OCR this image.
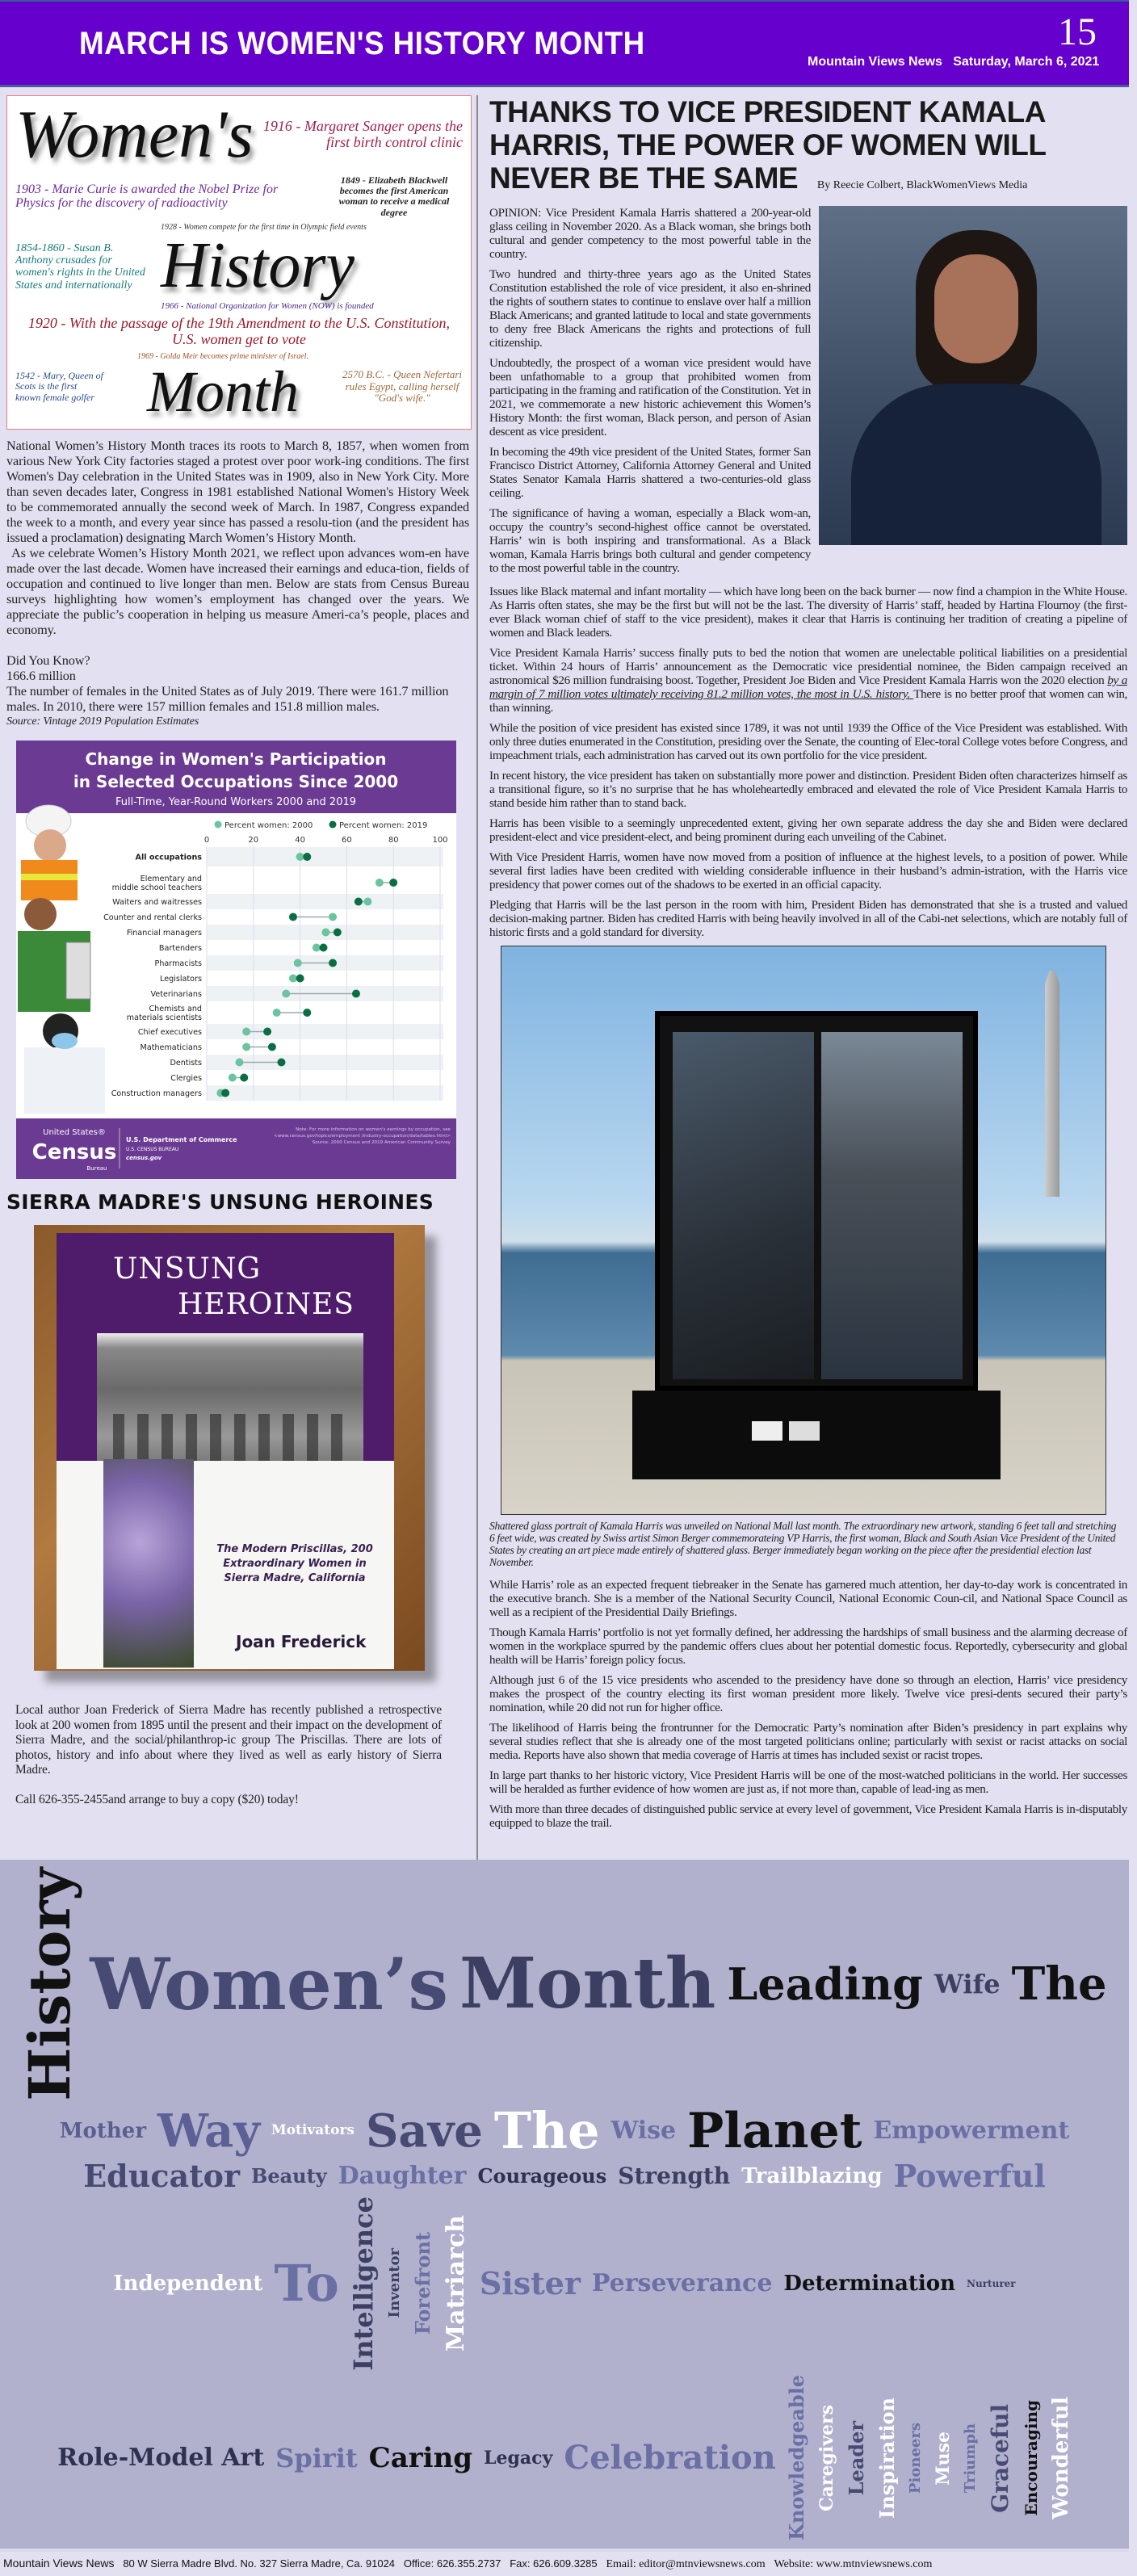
MARCH IS WOMEN'S HISTORY MONTH	15
Mountain Views News Saturday, March 6, 2021
Women's 1916 - Margaret Sanger opens the first birth control clinic
1903 - Marie Curie is awarded the Nobel Prize for Physics for the discovery of radioactivity
1849 - Elizabeth Blackwell becomes the first American woman to receive a medical degree
1854-1860 - Susan B. Anthony crusades for women's rights in the United States and internationally
1928 - Women compete for the first time in Olympic field events
History
1966 - National Organization for Women (NOW) is founded
1920 - With the passage of the 19th Amendment to the U.S. Constitution, U.S. women get to vote
1542 - Mary, Queen of Scots is the first known female golfer
1969 - Golda Meir becomes prime minister of Israel.
Month	2570 B.C. - Queen Nefertari rules Egypt, calling herself "God's wife."

National Women’s History Month traces its roots to March 8, 1857, when women from various New York City factories staged a protest over poor work-ing conditions. The first Women's Day celebration in the United States was in 1909, also in New York City. More than seven decades later, Congress in 1981 established National Women's History Week to be commemorated annually the second week of March. In 1987, Congress expanded the week to a month, and every year since has passed a resolu-tion (and the president has issued a proclamation) designating March Women’s History Month.

As we celebrate Women’s History Month 2021, we reflect upon advances wom-en have made over the last decade. Women have increased their earnings and educa-tion, fields of occupation and continued to live longer than men. Below are stats from Census Bureau surveys highlighting how women’s employment has changed over the years. We appreciate the public’s cooperation in helping us measure Ameri-ca’s people, places and economy.

Did You Know?

166.6 million

The number of females in the United States as of July 2019. There were 161.7 million males. In 2010, there were 157 million females and 151.8 million males.

Source: Vintage 2019 Population Estimates

Change in Women's Participation
in Selected Occupations Since 2000
Full-Time, Year-Round Workers 2000 and 2019
Percent women: 2000	Percent women: 2019
0	20	40	60	80	100
All occupations
Elementary and
middle school teachers
Waiters and waitresses
Counter and rental clerks
Financial managers
Bartenders
Pharmacists
Legislators
Veterinarians
Chemists and
materials scientists
Chief executives
Mathematicians
Dentists
Clergies
Construction managers
United States®
Census
Bureau
U.S. Department of Commerce
U.S. CENSUS BUREAU
census.gov
Note: For more information on women's earnings by occupation, see <www.census.gov/topics/employment /industry-occupation/data/tables.html>
Source: 2000 Census and 2019 American Community Survey
SIERRA MADRE'S UNSUNG HEROINES
UNSUNG
HEROINES
The Modern Priscillas, 200 Extraordinary Women in Sierra Madre, California
Joan Frederick

Local author Joan Frederick of Sierra Madre has recently published a retrospective look at 200 women from 1895 until the present and their impact on the development of Sierra Madre, and the social/philanthrop-ic group The Priscillas. There are lots of photos, history and info about where they lived as well as early history of Sierra Madre.

Call 626-355-2455and arrange to buy a copy ($20) today!

THANKS TO VICE PRESIDENT KAMALA HARRIS, THE POWER OF WOMEN WILL NEVER BE THE SAME By Reecie Colbert, BlackWomenViews Media

OPINION: Vice President Kamala Harris shattered a 200-year-old glass ceiling in November 2020. As a Black woman, she brings both cultural and gender competency to the most powerful table in the country.

Two hundred and thirty-three years ago as the United States Constitution established the role of vice president, it also en-shrined the rights of southern states to continue to enslave over half a million Black Americans; and granted latitude to local and state governments to deny free Black Americans the rights and protections of full citizenship.

Undoubtedly, the prospect of a woman vice president would have been unfathomable to a group that prohibited women from participating in the framing and ratification of the Constitution. Yet in 2021, we commemorate a new historic achievement this Women’s History Month: the first woman, Black person, and person of Asian descent as vice president.

In becoming the 49th vice president of the United States, former San Francisco District Attorney, California Attorney General and United States Senator Kamala Harris shattered a two-centuries-old glass ceiling.

The significance of having a woman, especially a Black wom-an, occupy the country’s second-highest office cannot be overstated. Harris’ win is both inspiring and transformational. As a Black woman, Kamala Harris brings both cultural and gender competency to the most powerful table in the country.

Issues like Black maternal and infant mortality — which have long been on the back burner — now find a champion in the White House. As Harris often states, she may be the first but will not be the last. The diversity of Harris’ staff, headed by Hartina Flournoy (the first-ever Black woman chief of staff to the vice president), makes it clear that Harris is continuing her tradition of creating a pipeline of women and Black leaders.

Vice President Kamala Harris’ success finally puts to bed the notion that women are unelectable political liabilities on a presidential ticket. Within 24 hours of Harris’ announcement as the Democratic vice presidential nominee, the Biden campaign received an astronomical $26 million fundraising boost. Together, President Joe Biden and Vice President Kamala Harris won the 2020 election by a margin of 7 million votes ultimately receiving 81.2 million votes, the most in U.S. history. There is no better proof that women can win, than winning.

While the position of vice president has existed since 1789, it was not until 1939 the Office of the Vice President was established. With only three duties enumerated in the Constitution, presiding over the Senate, the counting of Elec-toral College votes before Congress, and impeachment trials, each administration has carved out its own portfolio for the vice president.

In recent history, the vice president has taken on substantially more power and distinction. President Biden often characterizes himself as a transitional figure, so it’s no surprise that he has wholeheartedly embraced and elevated the role of Vice President Kamala Harris to stand beside him rather than to stand back.

Harris has been visible to a seemingly unprecedented extent, giving her own separate address the day she and Biden were declared president-elect and vice president-elect, and being prominent during each unveiling of the Cabinet.

With Vice President Harris, women have now moved from a position of influence at the highest levels, to a position of power. While several first ladies have been credited with wielding considerable influence in their husband’s admin-istration, with the Harris vice presidency that power comes out of the shadows to be exerted in an official capacity.

Pledging that Harris will be the last person in the room with him, President Biden has demonstrated that she is a trusted and valued decision-making partner. Biden has credited Harris with being heavily involved in all of the Cabi-net selections, which are notably full of historic firsts and a gold standard for diversity.

Shattered glass portrait of Kamala Harris was unveiled on National Mall last month. The extraordinary new artwork, standing 6 feet tall and stretching 6 feet wide, was created by Swiss artist Simon Berger commemorateing VP Harris, the first woman, Black and South Asian Vice President of the United States by creating an art piece made entirely of shattered glass. Berger immediately began working on the piece after the presidential election last November.

While Harris’ role as an expected frequent tiebreaker in the Senate has garnered much attention, her day-to-day work is concentrated in the executive branch. She is a member of the National Security Council, National Economic Coun-cil, and National Space Council as well as a recipient of the Presidential Daily Briefings.

Though Kamala Harris’ portfolio is not yet formally defined, her addressing the hardships of small business and the alarming decrease of women in the workplace spurred by the pandemic offers clues about her potential domestic focus. Reportedly, cybersecurity and global health will be Harris’ foreign policy focus.

Although just 6 of the 15 vice presidents who ascended to the presidency have done so through an election, Harris’ vice presidency makes the prospect of the country electing its first woman president more likely. Twelve vice presi-dents secured their party’s nomination, while 20 did not run for higher office.

The likelihood of Harris being the frontrunner for the Democratic Party’s nomination after Biden’s presidency in part explains why several studies reflect that she is already one of the most targeted politicians online; particularly with sexist or racist attacks on social media. Reports have also shown that media coverage of Harris at times has included sexist or racist tropes.

In large part thanks to her historic victory, Vice President Harris will be one of the most-watched politicians in the world. Her successes will be heralded as further evidence of how women are just as, if not more than, capable of lead-ing as men.

With more than three decades of distinguished public service at every level of government, Vice President Kamala Harris is in-disputably equipped to blaze the trail.

History Women’s Month Leading Wife The
Mother Way Motivators Save The Wise Planet Empowerment
Educator Beauty Daughter Courageous Strength Trailblazing Powerful
Independent To Intelligence Inventor Forefront Matriarch Sister Perseverance Determination Nurturer
Role-Model Art Spirit Caring Legacy Celebration Knowledgeable Caregivers Leader Inspiration Pioneers Muse Triumph Graceful Encouraging Wonderful
Mountain Views News 80 W Sierra Madre Blvd. No. 327 Sierra Madre, Ca. 91024 Office: 626.355.2737 Fax: 626.609.3285 Email: editor@mtnviewsnews.com Website: www.mtnviewsnews.com
